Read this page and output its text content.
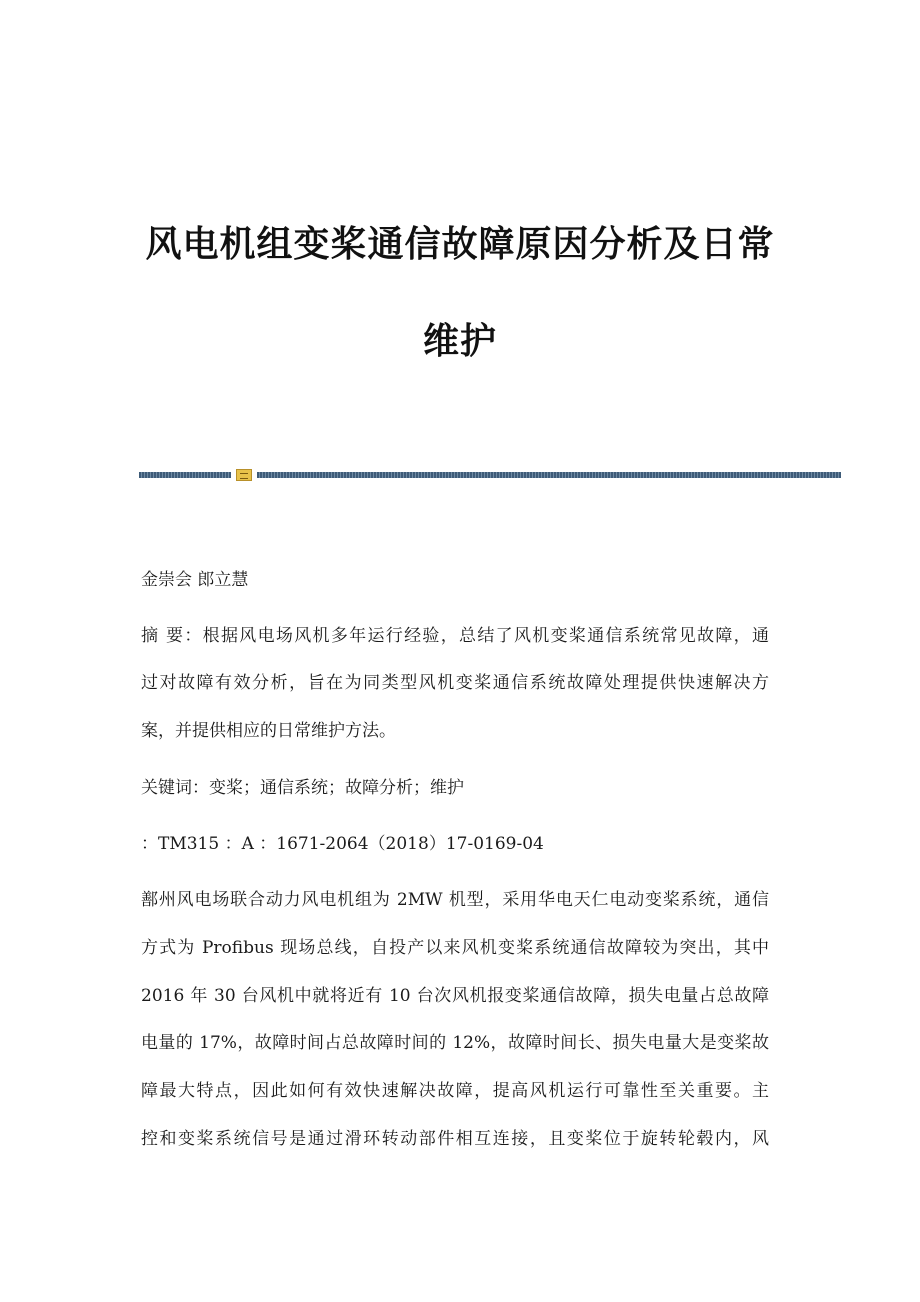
风电机组变桨通信故障原因分析及日常
维护
金崇会 郎立慧
摘 要：根据风电场风机多年运行经验，总结了风机变桨通信系统常见故障，通
过对故障有效分析，旨在为同类型风机变桨通信系统故障处理提供快速解决方
案，并提供相应的日常维护方法。
关键词：变桨；通信系统；故障分析；维护
：TM315 ：A ：1671-2064（2018）17-0169-04
鄯州风电场联合动力风电机组为 2MW 机型，采用华电天仁电动变桨系统，通信
方式为 Profibus 现场总线，自投产以来风机变桨系统通信故障较为突出，其中
2016 年 30 台风机中就将近有 10 台次风机报变桨通信故障，损失电量占总故障
电量的 17%，故障时间占总故障时间的 12%，故障时间长、损失电量大是变桨故
障最大特点，因此如何有效快速解决故障，提高风机运行可靠性至关重要。主
控和变桨系统信号是通过滑环转动部件相互连接，且变桨位于旋转轮毂内，风
